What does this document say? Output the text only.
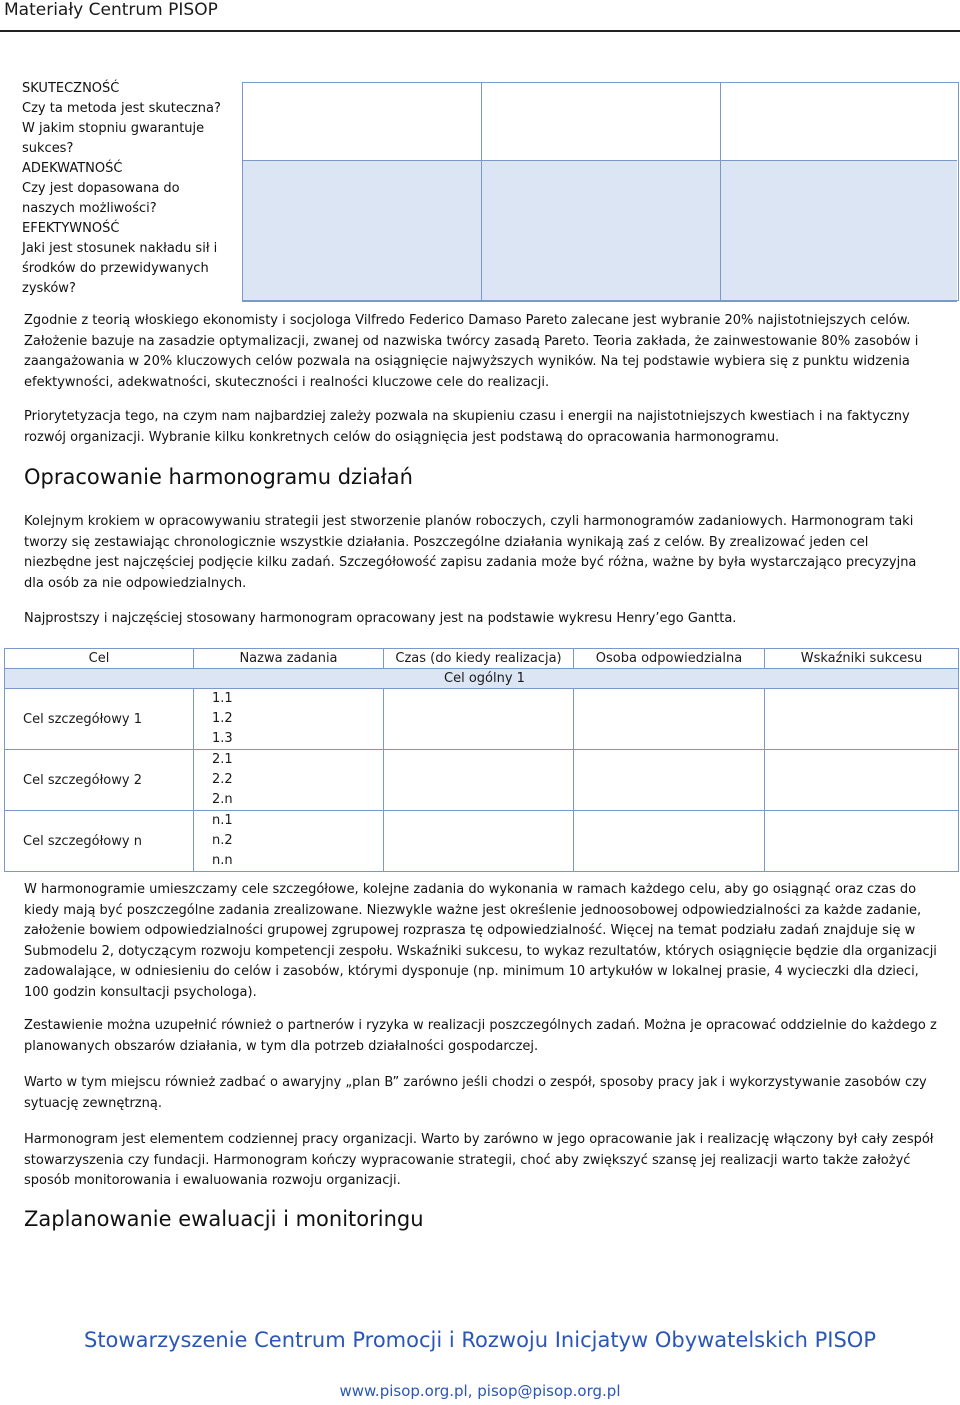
Materiały Centrum PISOP
SKUTECZNOŚĆ
Czy ta metoda jest skuteczna?
W jakim stopniu gwarantuje
sukces?
ADEKWATNOŚĆ
Czy jest dopasowana do
naszych możliwości?
EFEKTYWNOŚĆ
Jaki jest stosunek nakładu sił i
środków do przewidywanych
zysków?

Zgodnie z teorią włoskiego ekonomisty i socjologa Vilfredo Federico Damaso Pareto zalecane jest wybranie 20% najistotniejszych celów. Założenie bazuje na zasadzie optymalizacji, zwanej od nazwiska twórcy zasadą Pareto. Teoria zakłada, że zainwestowanie 80% zasobów i zaangażowania w 20% kluczowych celów pozwala na osiągnięcie najwyższych wyników. Na tej podstawie wybiera się z punktu widzenia efektywności, adekwatności, skuteczności i realności kluczowe cele do realizacji.

Priorytetyzacja tego, na czym nam najbardziej zależy pozwala na skupieniu czasu i energii na najistotniejszych kwestiach i na faktyczny rozwój organizacji. Wybranie kilku konkretnych celów do osiągnięcia jest podstawą do opracowania harmonogramu.

Opracowanie harmonogramu działań

Kolejnym krokiem w opracowywaniu strategii jest stworzenie planów roboczych, czyli harmonogramów zadaniowych. Harmonogram taki tworzy się zestawiając chronologicznie wszystkie działania. Poszczególne działania wynikają zaś z celów. By zrealizować jeden cel niezbędne jest najczęściej podjęcie kilku zadań. Szczegółowość zapisu zadania może być różna, ważne by była wystarczająco precyzyjna dla osób za nie odpowiedzialnych.

Najprostszy i najczęściej stosowany harmonogram opracowany jest na podstawie wykresu Henry’ego Gantta.

Cel	Nazwa zadania	Czas (do kiedy realizacja)	Osoba odpowiedzialna	Wskaźniki sukcesu
Cel ogólny 1				
Cel szczegółowy 1	1.1
1.2
1.3			

Cel szczegółowy 2	2.1
2.2
2.n			

Cel szczegółowy n	n.1
n.2
n.n			

W harmonogramie umieszczamy cele szczegółowe, kolejne zadania do wykonania w ramach każdego celu, aby go osiągnąć oraz czas do kiedy mają być poszczególne zadania zrealizowane. Niezwykle ważne jest określenie jednoosobowej odpowiedzialności za każde zadanie, założenie bowiem odpowiedzialności grupowej zgrupowej rozprasza tę odpowiedzialność. Więcej na temat podziału zadań znajduje się w Submodelu 2, dotyczącym rozwoju kompetencji zespołu. Wskaźniki sukcesu, to wykaz rezultatów, których osiągnięcie będzie dla organizacji zadowalające, w odniesieniu do celów i zasobów, którymi dysponuje (np. minimum 10 artykułów w lokalnej prasie, 4 wycieczki dla dzieci, 100 godzin konsultacji psychologa).

Zestawienie można uzupełnić również o partnerów i ryzyka w realizacji poszczególnych zadań. Można je opracować oddzielnie do każdego z planowanych obszarów działania, w tym dla potrzeb działalności gospodarczej.

Warto w tym miejscu również zadbać o awaryjny „plan B” zarówno jeśli chodzi o zespół, sposoby pracy jak i wykorzystywanie zasobów czy sytuację zewnętrzną.

Harmonogram jest elementem codziennej pracy organizacji. Warto by zarówno w jego opracowanie jak i realizację włączony był cały zespół stowarzyszenia czy fundacji. Harmonogram kończy wypracowanie strategii, choć aby zwiększyć szansę jej realizacji warto także założyć sposób monitorowania i ewaluowania rozwoju organizacji.

Zaplanowanie ewaluacji i monitoringu
Stowarzyszenie Centrum Promocji i Rozwoju Inicjatyw Obywatelskich PISOP
www.pisop.org.pl, pisop@pisop.org.pl
